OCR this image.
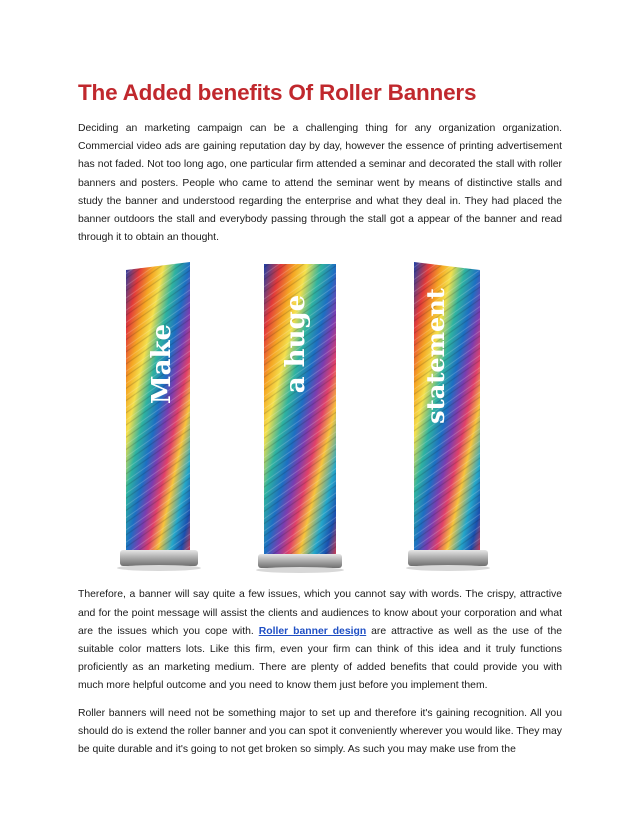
The Added benefits Of Roller Banners

Deciding an marketing campaign can be a challenging thing for any organization organization. Commercial video ads are gaining reputation day by day, however the essence of printing advertisement has not faded. Not too long ago, one particular firm attended a seminar and decorated the stall with roller banners and posters. People who came to attend the seminar went by means of distinctive stalls and study the banner and understood regarding the enterprise and what they deal in. They had placed the banner outdoors the stall and everybody passing through the stall got a appear of the banner and read through it to obtain an thought.

Make	a huge	statement

Therefore, a banner will say quite a few issues, which you cannot say with words. The crispy, attractive and for the point message will assist the clients and audiences to know about your corporation and what are the issues which you cope with. Roller banner design are attractive as well as the use of the suitable color matters lots. Like this firm, even your firm can think of this idea and it truly functions proficiently as an marketing medium. There are plenty of added benefits that could provide you with much more helpful outcome and you need to know them just before you implement them.

Roller banners will need not be something major to set up and therefore it's gaining recognition. All you should do is extend the roller banner and you can spot it conveniently wherever you would like. They may be quite durable and it's going to not get broken so simply. As such you may make use from the
